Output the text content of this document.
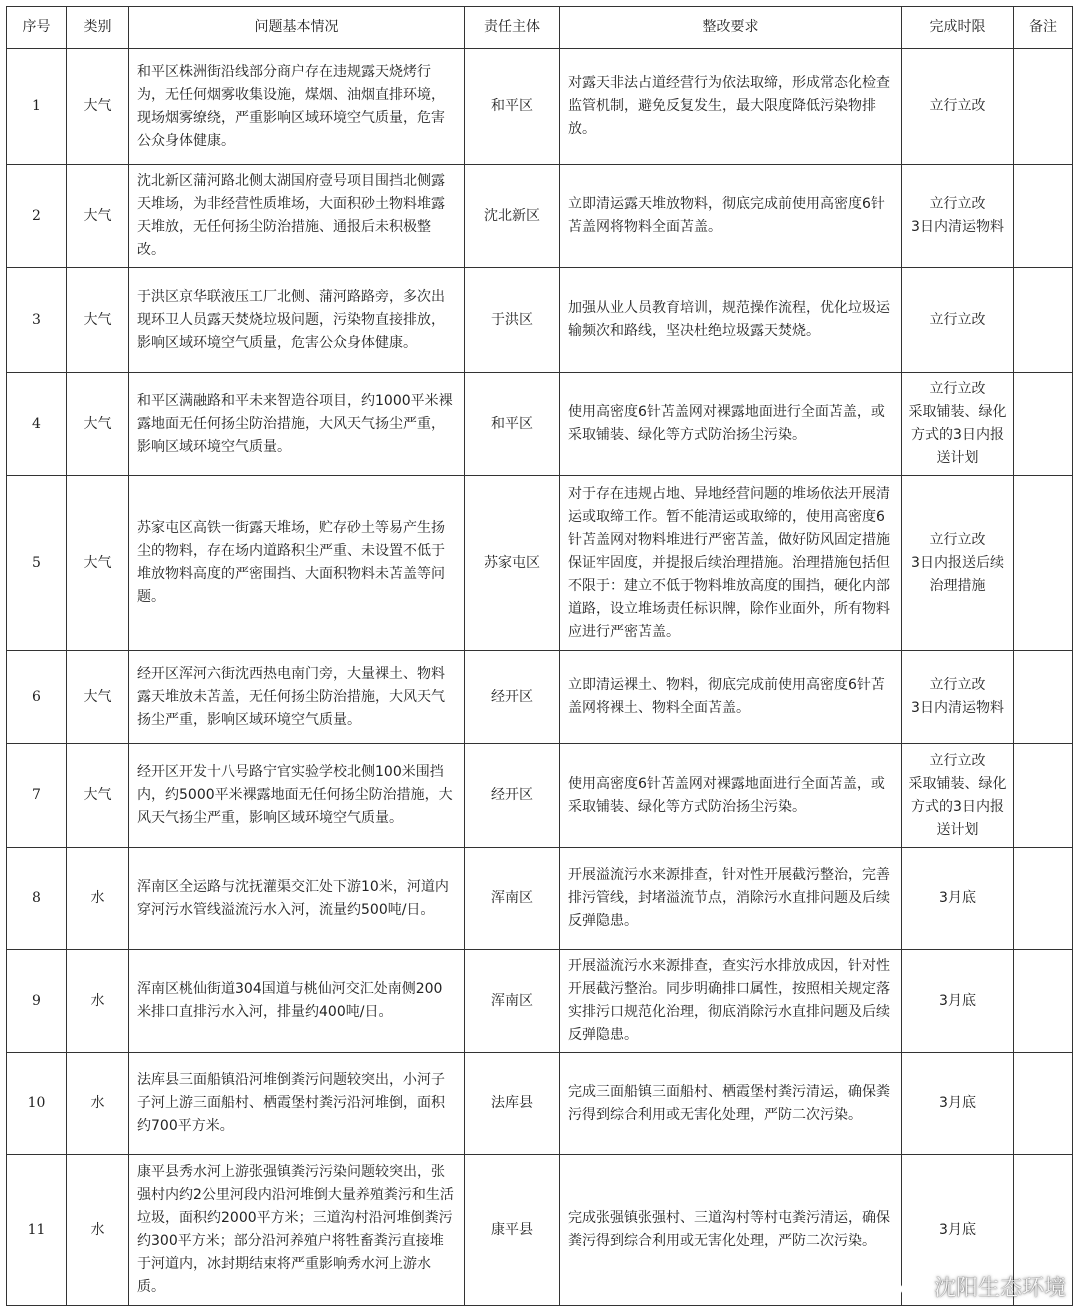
序号	类别	问题基本情况	责任主体	整改要求	完成时限	备注
1	大气	和平区株洲街沿线部分商户存在违规露天烧烤行为，无任何烟雾收集设施，煤烟、油烟直排环境，现场烟雾缭绕，严重影响区域环境空气质量，危害公众身体健康。	和平区	对露天非法占道经营行为依法取缔，形成常态化检查监管机制，避免反复发生，最大限度降低污染物排放。	立行立改	

2	大气	沈北新区蒲河路北侧太湖国府壹号项目围挡北侧露天堆场，为非经营性质堆场，大面积砂土物料堆露天堆放，无任何扬尘防治措施、通报后未积极整改。	沈北新区	立即清运露天堆放物料，彻底完成前使用高密度6针苫盖网将物料全面苫盖。	立行立改
3日内清运物料	

3	大气	于洪区京华联液压工厂北侧、蒲河路路旁，多次出现环卫人员露天焚烧垃圾问题，污染物直接排放，影响区域环境空气质量，危害公众身体健康。	于洪区	加强从业人员教育培训，规范操作流程，优化垃圾运输频次和路线，坚决杜绝垃圾露天焚烧。	立行立改	

4	大气	和平区满融路和平未来智造谷项目，约1000平米裸露地面无任何扬尘防治措施，大风天气扬尘严重，影响区域环境空气质量。	和平区	使用高密度6针苫盖网对裸露地面进行全面苫盖，或采取铺装、绿化等方式防治扬尘污染。	立行立改
采取铺装、绿化方式的3日内报送计划	

5	大气	苏家屯区高铁一街露天堆场，贮存砂土等易产生扬尘的物料，存在场内道路积尘严重、未设置不低于堆放物料高度的严密围挡、大面积物料未苫盖等问题。	苏家屯区	对于存在违规占地、异地经营问题的堆场依法开展清运或取缔工作。暂不能清运或取缔的，使用高密度6针苫盖网对物料堆进行严密苫盖，做好防风固定措施保证牢固度，并提报后续治理措施。治理措施包括但不限于：建立不低于物料堆放高度的围挡，硬化内部道路，设立堆场责任标识牌，除作业面外，所有物料应进行严密苫盖。	立行立改
3日内报送后续治理措施	

6	大气	经开区浑河六街沈西热电南门旁，大量裸土、物料露天堆放未苫盖，无任何扬尘防治措施，大风天气扬尘严重，影响区域环境空气质量。	经开区	立即清运裸土、物料，彻底完成前使用高密度6针苫盖网将裸土、物料全面苫盖。	立行立改
3日内清运物料	

7	大气	经开区开发十八号路宁官实验学校北侧100米围挡内，约5000平米裸露地面无任何扬尘防治措施，大风天气扬尘严重，影响区域环境空气质量。	经开区	使用高密度6针苫盖网对裸露地面进行全面苫盖，或采取铺装、绿化等方式防治扬尘污染。	立行立改
采取铺装、绿化方式的3日内报送计划	

8	水	浑南区全运路与沈抚灌渠交汇处下游10米，河道内穿河污水管线溢流污水入河，流量约500吨/日。	浑南区	开展溢流污水来源排查，针对性开展截污整治，完善排污管线，封堵溢流节点，消除污水直排问题及后续反弹隐患。	3月底	

9	水	浑南区桃仙街道304国道与桃仙河交汇处南侧200米排口直排污水入河，排量约400吨/日。	浑南区	开展溢流污水来源排查，查实污水排放成因，针对性开展截污整治。同步明确排口属性，按照相关规定落实排污口规范化治理，彻底消除污水直排问题及后续反弹隐患。	3月底	

10	水	法库县三面船镇沿河堆倒粪污问题较突出，小河子子河上游三面船村、栖霞堡村粪污沿河堆倒，面积约700平方米。	法库县	完成三面船镇三面船村、栖霞堡村粪污清运，确保粪污得到综合利用或无害化处理，严防二次污染。	3月底	

11	水	康平县秀水河上游张强镇粪污污染问题较突出，张强村内约2公里河段内沿河堆倒大量养殖粪污和生活垃圾，面积约2000平方米；三道沟村沿河堆倒粪污约300平方米；部分沿河养殖户将牲畜粪污直接堆于河道内，冰封期结束将严重影响秀水河上游水质。	康平县	完成张强镇张强村、三道沟村等村屯粪污清运，确保粪污得到综合利用或无害化处理，严防二次污染。	3月底	

沈阳生态环境
